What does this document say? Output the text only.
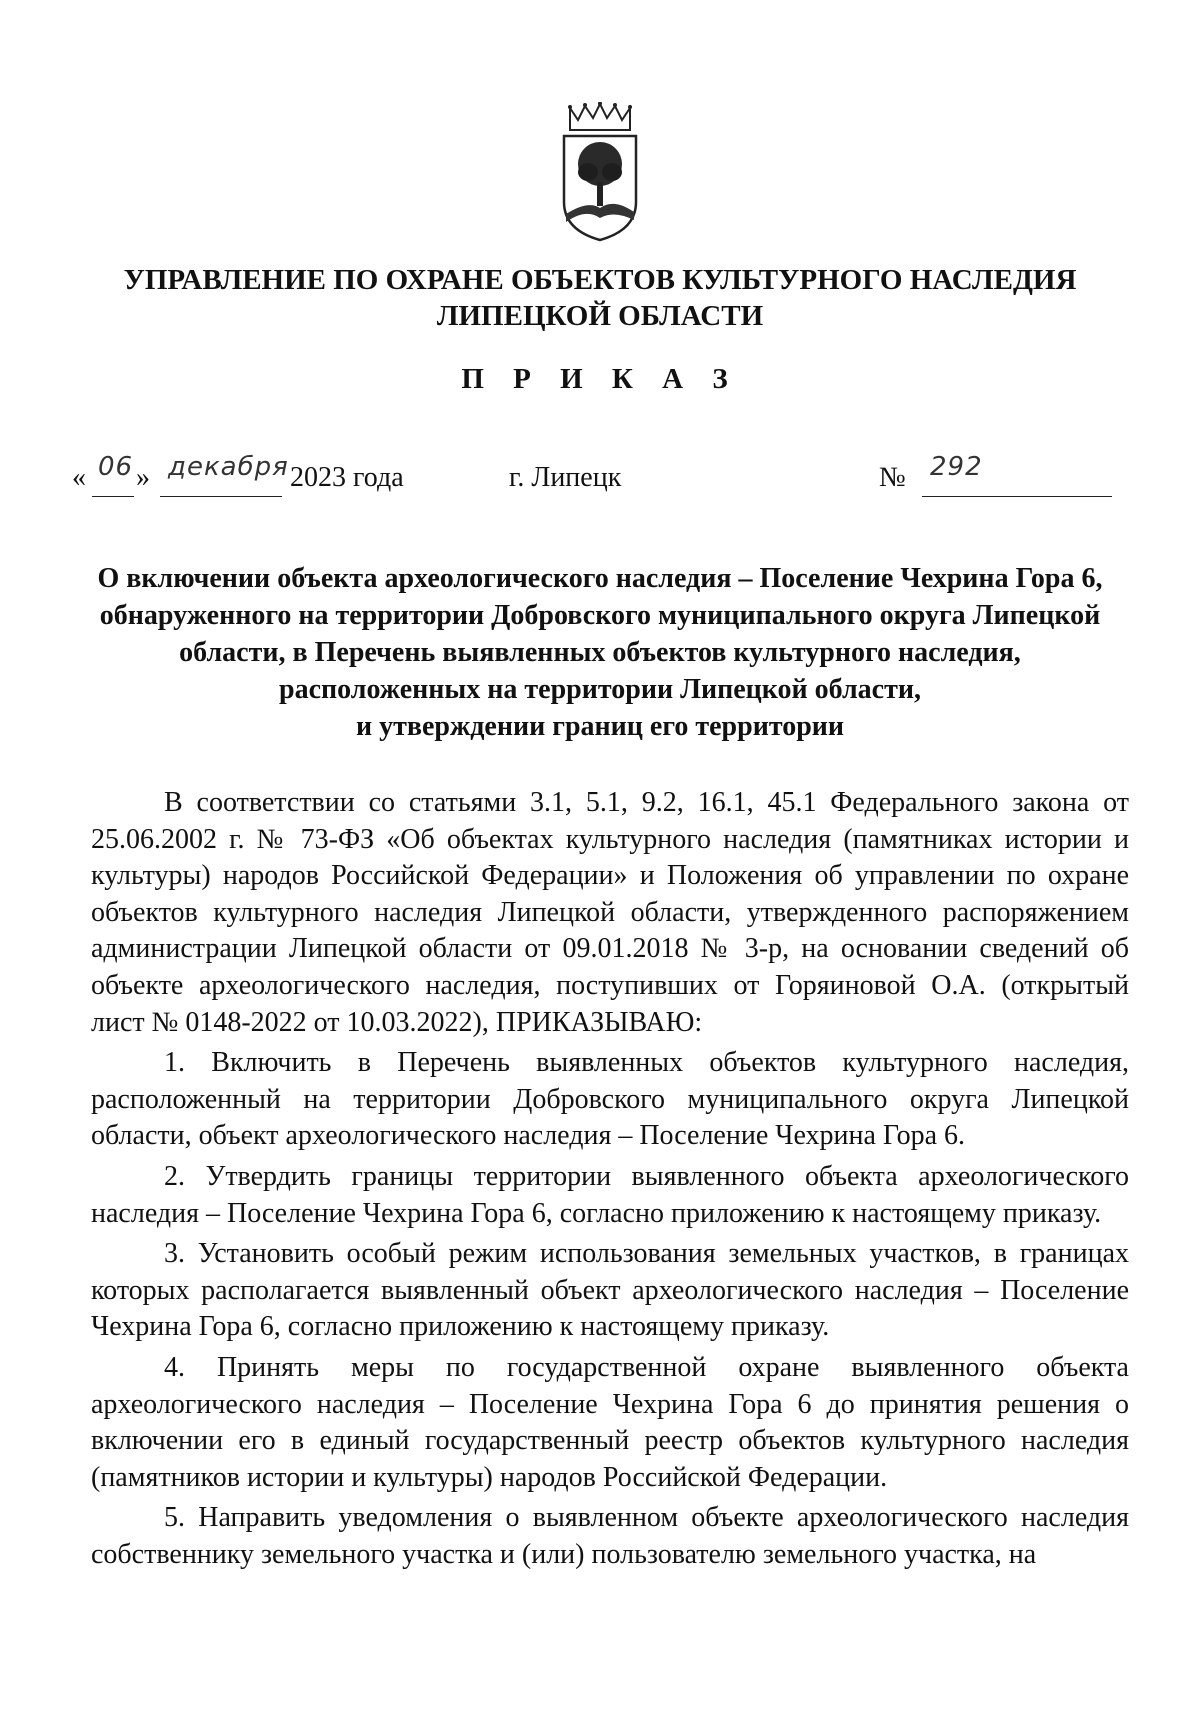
УПРАВЛЕНИЕ ПО ОХРАНЕ ОБЪЕКТОВ КУЛЬТУРНОГО НАСЛЕДИЯ
ЛИПЕЦКОЙ ОБЛАСТИ
П Р И К А З
« 06 » декабря 2023 года	г. Липецк	№ 292
О включении объекта археологического наследия – Поселение Чехрина Гора 6,
обнаруженного на территории Добровского муниципального округа Липецкой
области, в Перечень выявленных объектов культурного наследия,
расположенных на территории Липецкой области,
и утверждении границ его территории

В соответствии со статьями 3.1, 5.1, 9.2, 16.1, 45.1 Федерального закона от 25.06.2002 г. № 73-ФЗ «Об объектах культурного наследия (памятниках истории и культуры) народов Российской Федерации» и Положения об управлении по охране объектов культурного наследия Липецкой области, утвержденного распоряжением администрации Липецкой области от 09.01.2018 № 3-р, на основании сведений об объекте археологического наследия, поступивших от Горяиновой О.А. (открытый лист № 0148-2022 от 10.03.2022), ПРИКАЗЫВАЮ:

1. Включить в Перечень выявленных объектов культурного наследия, расположенный на территории Добровского муниципального округа Липецкой области, объект археологического наследия – Поселение Чехрина Гора 6.

2. Утвердить границы территории выявленного объекта археологического наследия – Поселение Чехрина Гора 6, согласно приложению к настоящему приказу.

3. Установить особый режим использования земельных участков, в границах которых располагается выявленный объект археологического наследия – Поселение Чехрина Гора 6, согласно приложению к настоящему приказу.

4. Принять меры по государственной охране выявленного объекта археологического наследия – Поселение Чехрина Гора 6 до принятия решения о включении его в единый государственный реестр объектов культурного наследия (памятников истории и культуры) народов Российской Федерации.

5. Направить уведомления о выявленном объекте археологического наследия собственнику земельного участка и (или) пользователю земельного участка, на
